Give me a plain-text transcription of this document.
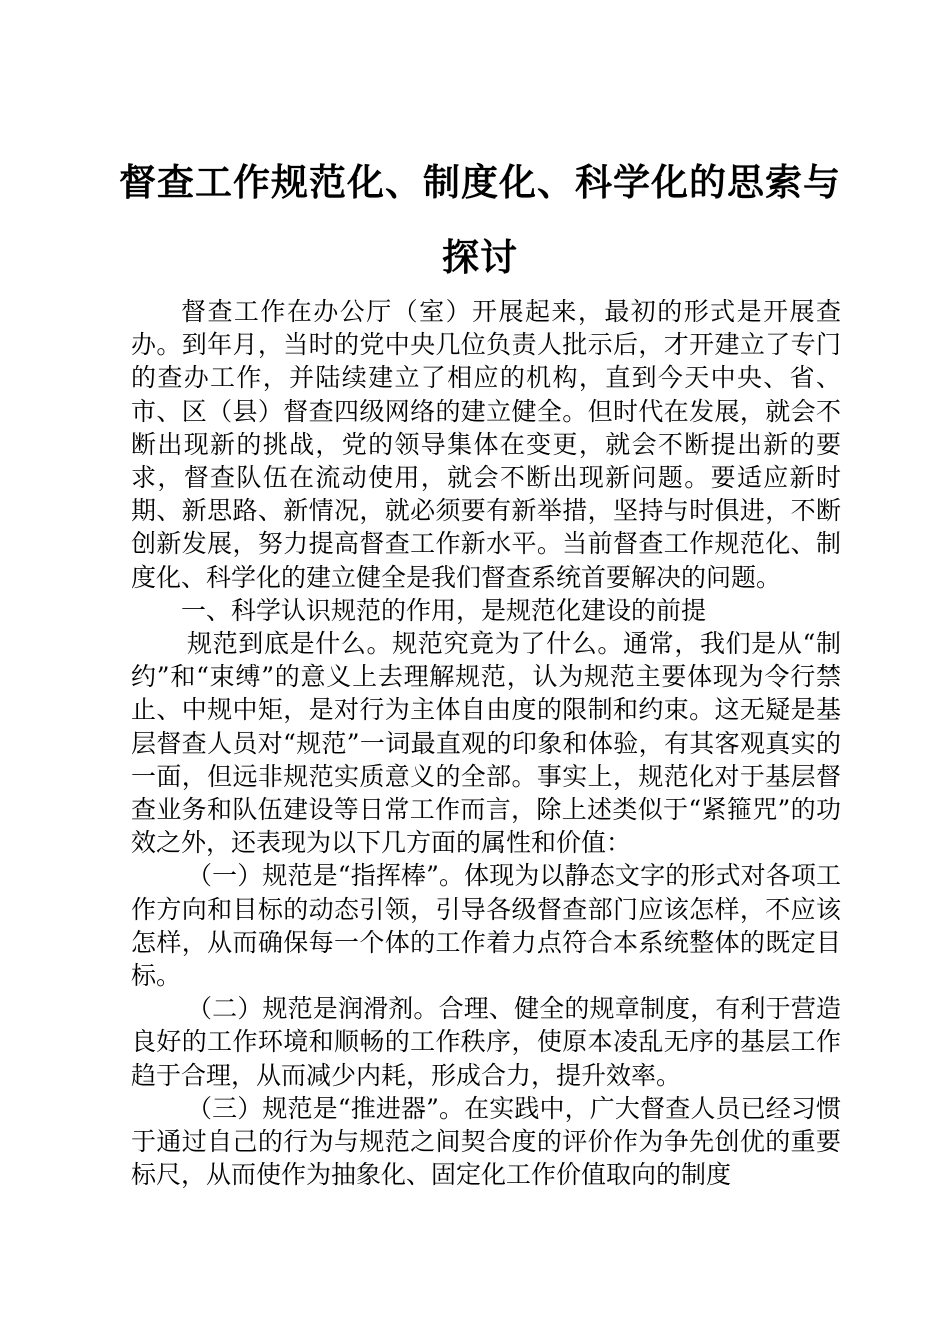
督查工作规范化、制度化、科学化的思索与探讨

督查工作在办公厅（室）开展起来，最初的形式是开展查办。到年月，当时的党中央几位负责人批示后，才开建立了专门的查办工作，并陆续建立了相应的机构，直到今天中央、省、市、区（县）督查四级网络的建立健全。但时代在发展，就会不断出现新的挑战，党的领导集体在变更，就会不断提出新的要求，督查队伍在流动使用，就会不断出现新问题。要适应新时期、新思路、新情况，就必须要有新举措，坚持与时俱进，不断创新发展，努力提高督查工作新水平。当前督查工作规范化、制度化、科学化的建立健全是我们督查系统首要解决的问题。

一、科学认识规范的作用，是规范化建设的前提

规范到底是什么。规范究竟为了什么。通常，我们是从“制约”和“束缚”的意义上去理解规范，认为规范主要体现为令行禁止、中规中矩，是对行为主体自由度的限制和约束。这无疑是基层督查人员对“规范”一词最直观的印象和体验，有其客观真实的一面，但远非规范实质意义的全部。事实上，规范化对于基层督查业务和队伍建设等日常工作而言，除上述类似于“紧箍咒”的功效之外，还表现为以下几方面的属性和价值：

（一）规范是“指挥棒”。体现为以静态文字的形式对各项工作方向和目标的动态引领，引导各级督查部门应该怎样，不应该怎样，从而确保每一个体的工作着力点符合本系统整体的既定目标。

（二）规范是润滑剂。合理、健全的规章制度，有利于营造良好的工作环境和顺畅的工作秩序，使原本凌乱无序的基层工作趋于合理，从而减少内耗，形成合力，提升效率。

（三）规范是“推进器”。在实践中，广大督查人员已经习惯于通过自己的行为与规范之间契合度的评价作为争先创优的重要标尺，从而使作为抽象化、固定化工作价值取向的制度
